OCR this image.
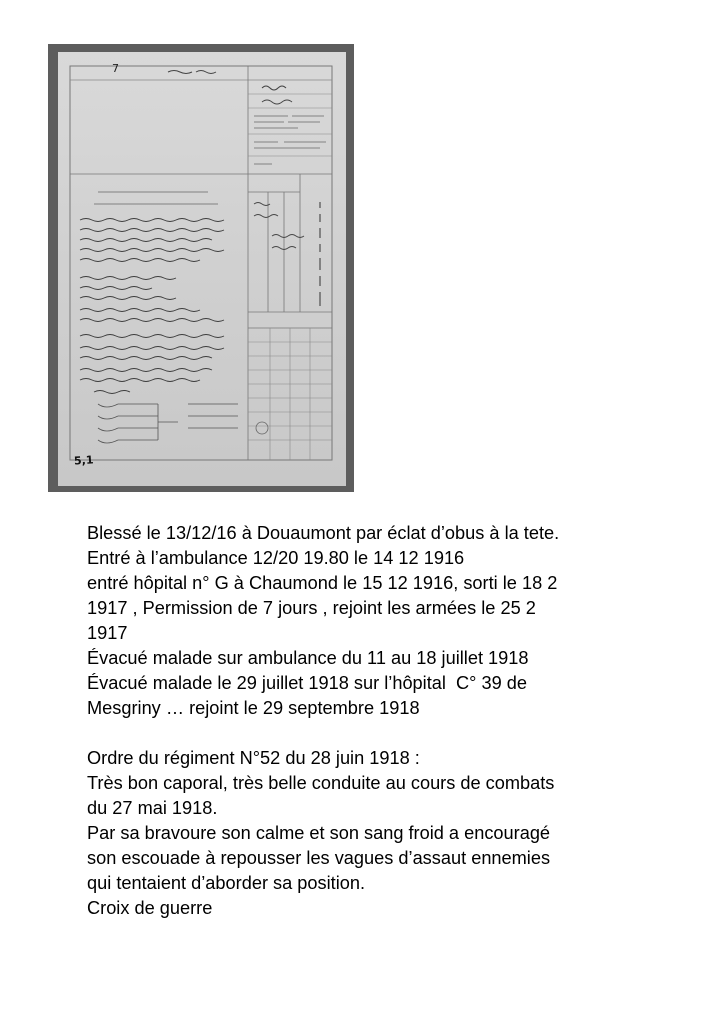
7
5,1

Blessé le 13/12/16 à Douaumont par éclat d’obus à la tete.

Entré à l’ambulance 12/20 19.80 le 14 12 1916

entré hôpital n° G à Chaumond le 15 12 1916, sorti le 18 2

1917 , Permission de 7 jours , rejoint les armées le 25 2

1917

Évacué malade sur ambulance du 11 au 18 juillet 1918

Évacué malade le 29 juillet 1918 sur l’hôpital  C° 39 de

Mesgriny … rejoint le 29 septembre 1918

Ordre du régiment N°52 du 28 juin 1918 :

Très bon caporal, très belle conduite au cours de combats

du 27 mai 1918.

Par sa bravoure son calme et son sang froid a encouragé

son escouade à repousser les vagues d’assaut ennemies

qui tentaient d’aborder sa position.

Croix de guerre
